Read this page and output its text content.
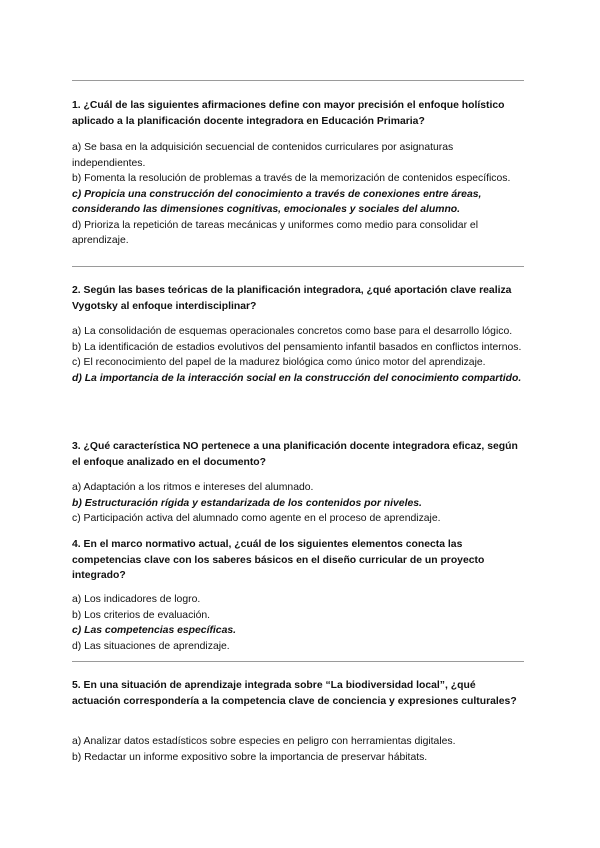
1. ¿Cuál de las siguientes afirmaciones define con mayor precisión el enfoque holístico aplicado a la planificación docente integradora en Educación Primaria?

a) Se basa en la adquisición secuencial de contenidos curriculares por asignaturas independientes.

b) Fomenta la resolución de problemas a través de la memorización de contenidos específicos.

c) Propicia una construcción del conocimiento a través de conexiones entre áreas, considerando las dimensiones cognitivas, emocionales y sociales del alumno.

d) Prioriza la repetición de tareas mecánicas y uniformes como medio para consolidar el aprendizaje.

2. Según las bases teóricas de la planificación integradora, ¿qué aportación clave realiza Vygotsky al enfoque interdisciplinar?

a) La consolidación de esquemas operacionales concretos como base para el desarrollo lógico.

b) La identificación de estadios evolutivos del pensamiento infantil basados en conflictos internos.

c) El reconocimiento del papel de la madurez biológica como único motor del aprendizaje.

d) La importancia de la interacción social en la construcción del conocimiento compartido.

3. ¿Qué característica NO pertenece a una planificación docente integradora eficaz, según el enfoque analizado en el documento?

a) Adaptación a los ritmos e intereses del alumnado.

b) Estructuración rígida y estandarizada de los contenidos por niveles.

c) Participación activa del alumnado como agente en el proceso de aprendizaje.

4. En el marco normativo actual, ¿cuál de los siguientes elementos conecta las competencias clave con los saberes básicos en el diseño curricular de un proyecto integrado?

a) Los indicadores de logro.

b) Los criterios de evaluación.

c) Las competencias específicas.

d) Las situaciones de aprendizaje.

5. En una situación de aprendizaje integrada sobre “La biodiversidad local”, ¿qué actuación correspondería a la competencia clave de conciencia y expresiones culturales?

a) Analizar datos estadísticos sobre especies en peligro con herramientas digitales.

b) Redactar un informe expositivo sobre la importancia de preservar hábitats.
